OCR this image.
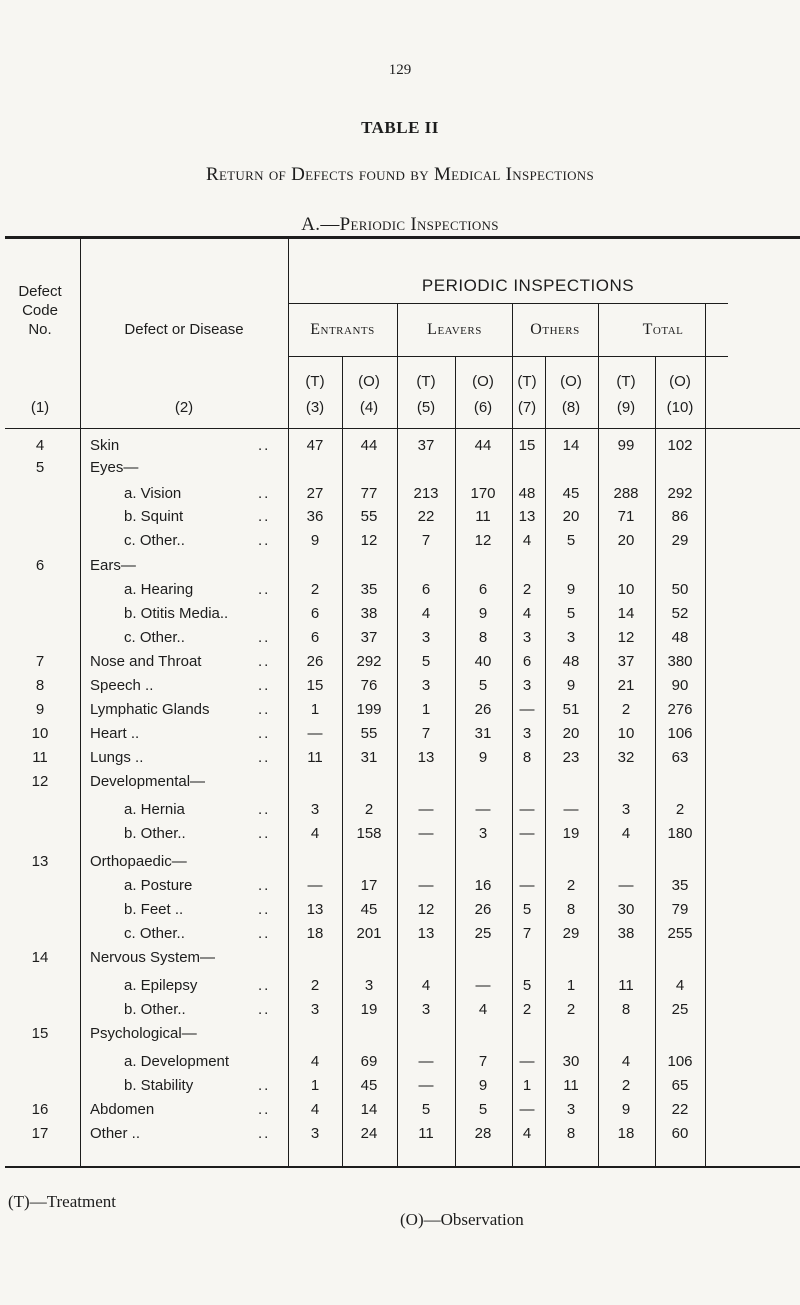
129
TABLE II
Return of Defects found by Medical Inspections
A.—Periodic Inspections
Defect
Code
No.	Defect or Disease
PERIODIC INSPECTIONS
Entrants	Leavers	Others	Total
(T)	(O)	(T)	(O)	(T)	(O)	(T)	(O)
(1)	(2)	(3)	(4)	(5)	(6)	(7)	(8)	(9)	(10)
4	Skin	..	47	44	37	44	15	14	99	102
5	Eyes—
a. Vision	..	27	77	213	170	48	45	288	292
b. Squint	..	36	55	22	11	13	20	71	86
c. Other..	..	9	12	7	12	4	5	20	29
6	Ears—
a. Hearing	..	2	35	6	6	2	9	10	50
b. Otitis Media..	6	38	4	9	4	5	14	52
c. Other..	..	6	37	3	8	3	3	12	48
7	Nose and Throat	..	26	292	5	40	6	48	37	380
8	Speech ..	..	15	76	3	5	3	9	21	90
9	Lymphatic Glands	..	1	199	1	26	—	51	2	276
10	Heart ..	..	—	55	7	31	3	20	10	106
11	Lungs ..	..	11	31	13	9	8	23	32	63
12	Developmental—
a. Hernia	..	3	2	—	—	—	—	3	2
b. Other..	..	4	158	—	3	—	19	4	180
13	Orthopaedic—
a. Posture	..	—	17	—	16	—	2	—	35
b. Feet ..	..	13	45	12	26	5	8	30	79
c. Other..	..	18	201	13	25	7	29	38	255
14	Nervous System—
a. Epilepsy	..	2	3	4	—	5	1	11	4
b. Other..	..	3	19	3	4	2	2	8	25
15	Psychological—
a. Development	4	69	—	7	—	30	4	106
b. Stability	..	1	45	—	9	1	11	2	65
16	Abdomen	..	4	14	5	5	—	3	9	22
17	Other ..	..	3	24	11	28	4	8	18	60
(T)—Treatment
(O)—Observation
